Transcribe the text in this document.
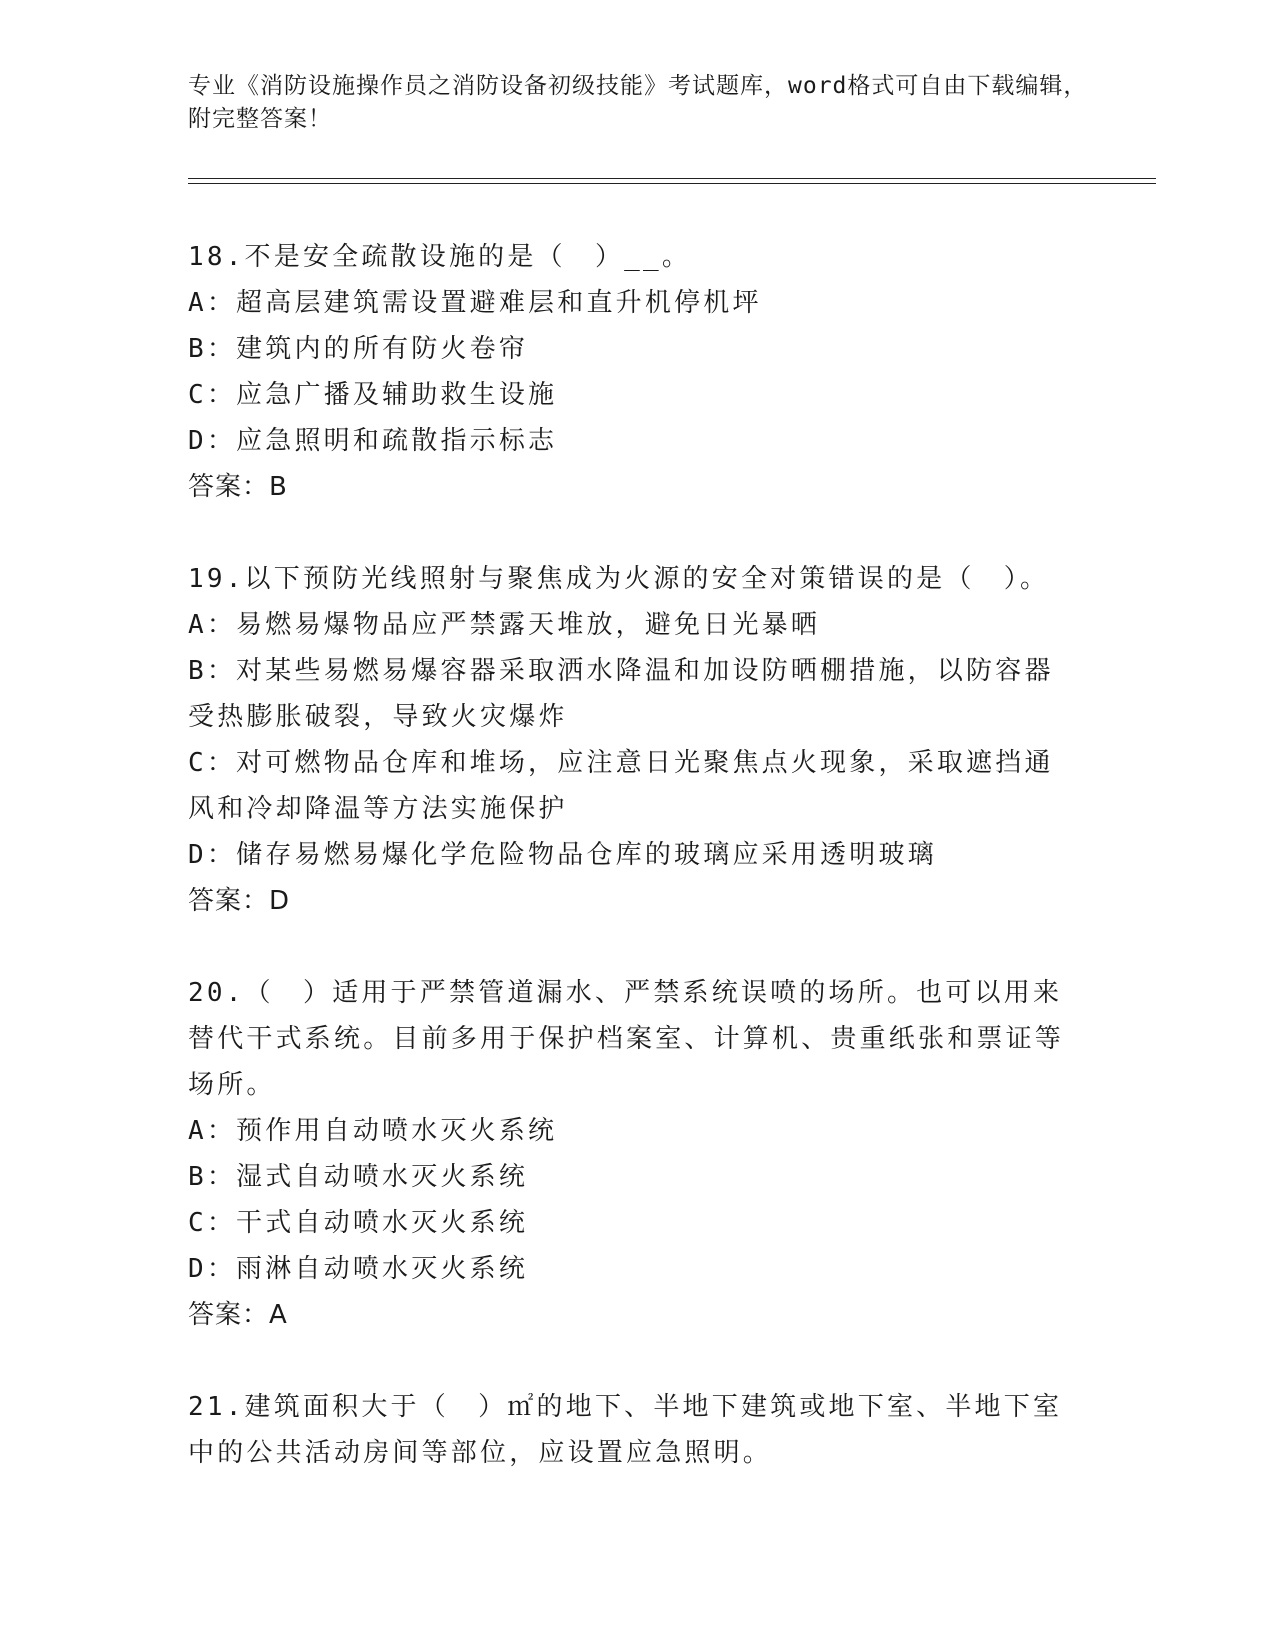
专业《消防设施操作员之消防设备初级技能》考试题库，word格式可自由下载编辑，附完整答案！
18.不是安全疏散设施的是（　）__。
A：超高层建筑需设置避难层和直升机停机坪
B：建筑内的所有防火卷帘
C：应急广播及辅助救生设施
D：应急照明和疏散指示标志
答案：B
19.以下预防光线照射与聚焦成为火源的安全对策错误的是（　）。
A：易燃易爆物品应严禁露天堆放，避免日光暴晒
B：对某些易燃易爆容器采取洒水降温和加设防晒棚措施，以防容器受热膨胀破裂，导致火灾爆炸
C：对可燃物品仓库和堆场，应注意日光聚焦点火现象，采取遮挡通风和冷却降温等方法实施保护
D：储存易燃易爆化学危险物品仓库的玻璃应采用透明玻璃
答案：D
20.（　）适用于严禁管道漏水、严禁系统误喷的场所。也可以用来替代干式系统。目前多用于保护档案室、计算机、贵重纸张和票证等场所。
A：预作用自动喷水灭火系统
B：湿式自动喷水灭火系统
C：干式自动喷水灭火系统
D：雨淋自动喷水灭火系统
答案：A
21.建筑面积大于（　）㎡的地下、半地下建筑或地下室、半地下室中的公共活动房间等部位，应设置应急照明。
